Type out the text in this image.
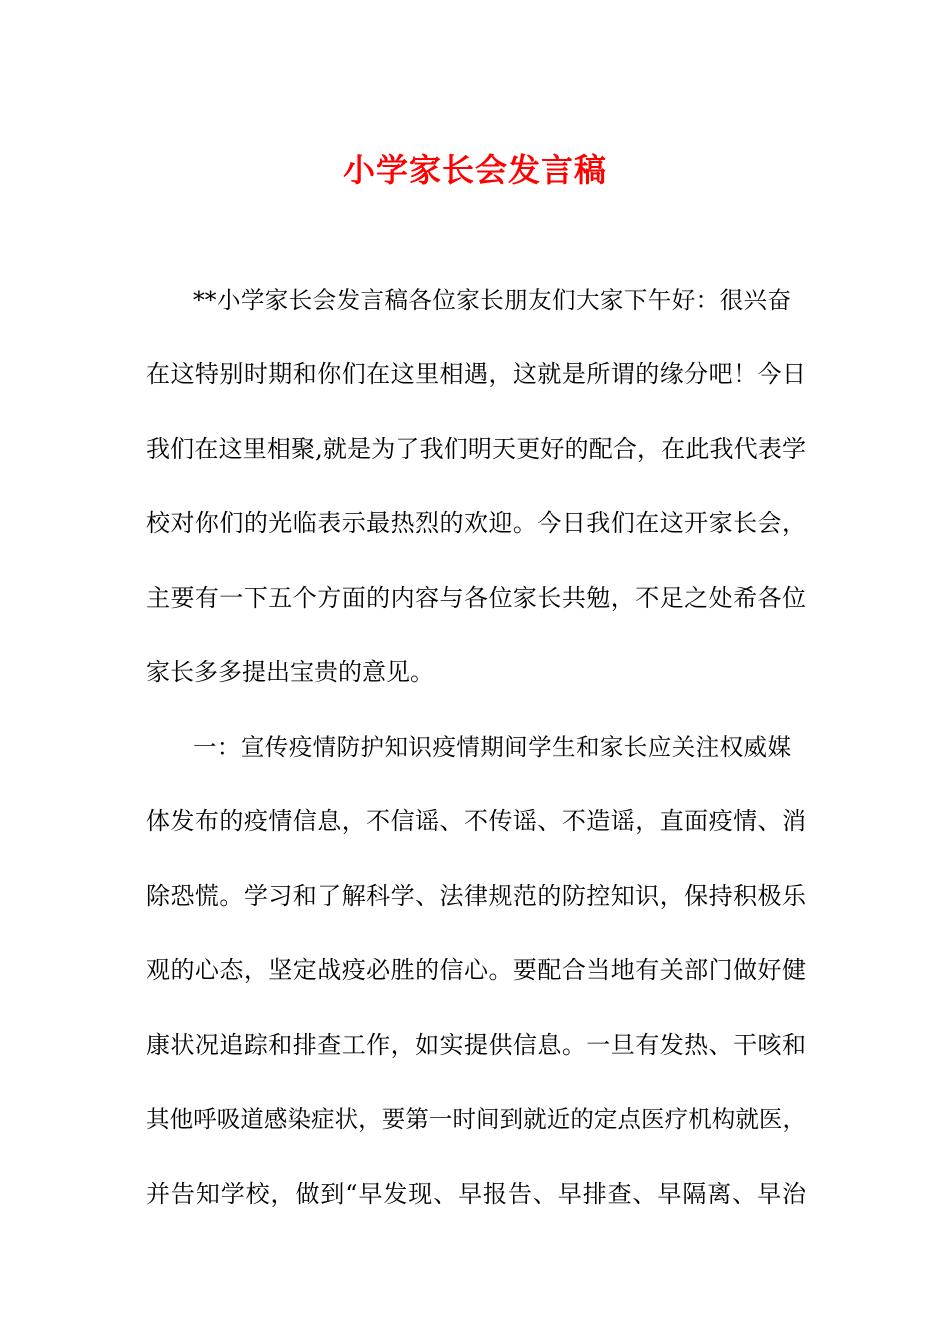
小学家长会发言稿
**小学家长会发言稿各位家长朋友们大家下午好：很兴奋
在这特别时期和你们在这里相遇，这就是所谓的缘分吧！今日
我们在这里相聚,就是为了我们明天更好的配合，在此我代表学
校对你们的光临表示最热烈的欢迎。今日我们在这开家长会，
主要有一下五个方面的内容与各位家长共勉，不足之处希各位
家长多多提出宝贵的意见。
一：宣传疫情防护知识疫情期间学生和家长应关注权威媒
体发布的疫情信息，不信谣、不传谣、不造谣，直面疫情、消
除恐慌。学习和了解科学、法律规范的防控知识，保持积极乐
观的心态，坚定战疫必胜的信心。要配合当地有关部门做好健
康状况追踪和排查工作，如实提供信息。一旦有发热、干咳和
其他呼吸道感染症状，要第一时间到就近的定点医疗机构就医，
并告知学校，做到“早发现、早报告、早排查、早隔离、早治
